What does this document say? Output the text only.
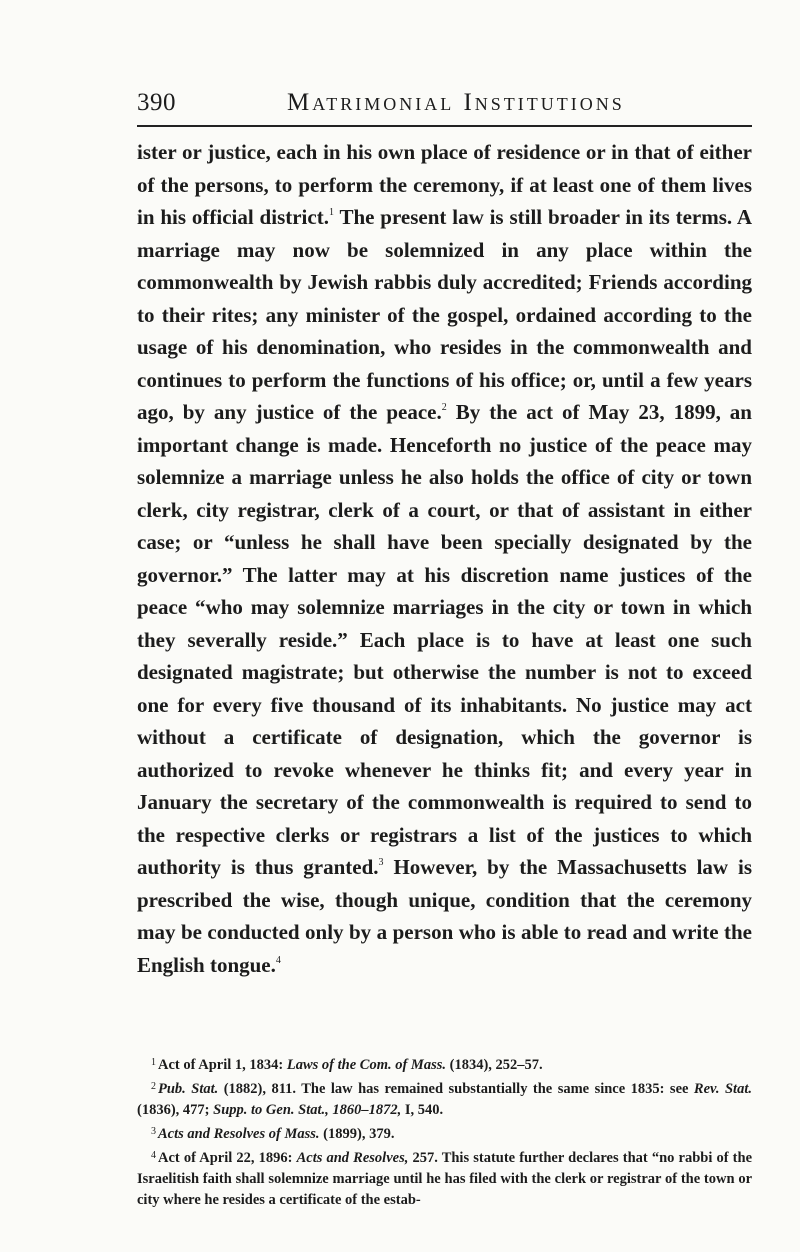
390	Matrimonial Institutions

ister or justice, each in his own place of residence or in that of either of the persons, to perform the ceremony, if at least one of them lives in his official district.$^1$ The present law is still broader in its terms. A marriage may now be solemnized in any place within the commonwealth by Jewish rabbis duly accredited; Friends according to their rites; any minister of the gospel, ordained according to the usage of his denomination, who resides in the commonwealth and continues to perform the functions of his office; or, until a few years ago, by any justice of the peace.$^2$ By the act of May 23, 1899, an important change is made. Henceforth no justice of the peace may solemnize a marriage unless he also holds the office of city or town clerk, city registrar, clerk of a court, or that of assistant in either case; or “unless he shall have been specially designated by the governor.” The latter may at his discretion name justices of the peace “who may solemnize marriages in the city or town in which they severally reside.” Each place is to have at least one such designated magistrate; but otherwise the number is not to exceed one for every five thousand of its inhabitants. No justice may act without a certificate of designation, which the governor is authorized to revoke whenever he thinks fit; and every year in January the secretary of the commonwealth is required to send to the respective clerks or registrars a list of the justices to which authority is thus granted.$^3$ However, by the Massachusetts law is prescribed the wise, though unique, condition that the ceremony may be conducted only by a person who is able to read and write the English tongue.$^4$

$^1$ Act of April 1, 1834: Laws of the Com. of Mass. (1834), 252–57.

$^2$ Pub. Stat. (1882), 811. The law has remained substantially the same since 1835: see Rev. Stat. (1836), 477; Supp. to Gen. Stat., 1860–1872, I, 540.

$^3$ Acts and Resolves of Mass. (1899), 379.

$^4$ Act of April 22, 1896: Acts and Resolves, 257. This statute further declares that “no rabbi of the Israelitish faith shall solemnize marriage until he has filed with the clerk or registrar of the town or city where he resides a certificate of the estab-
